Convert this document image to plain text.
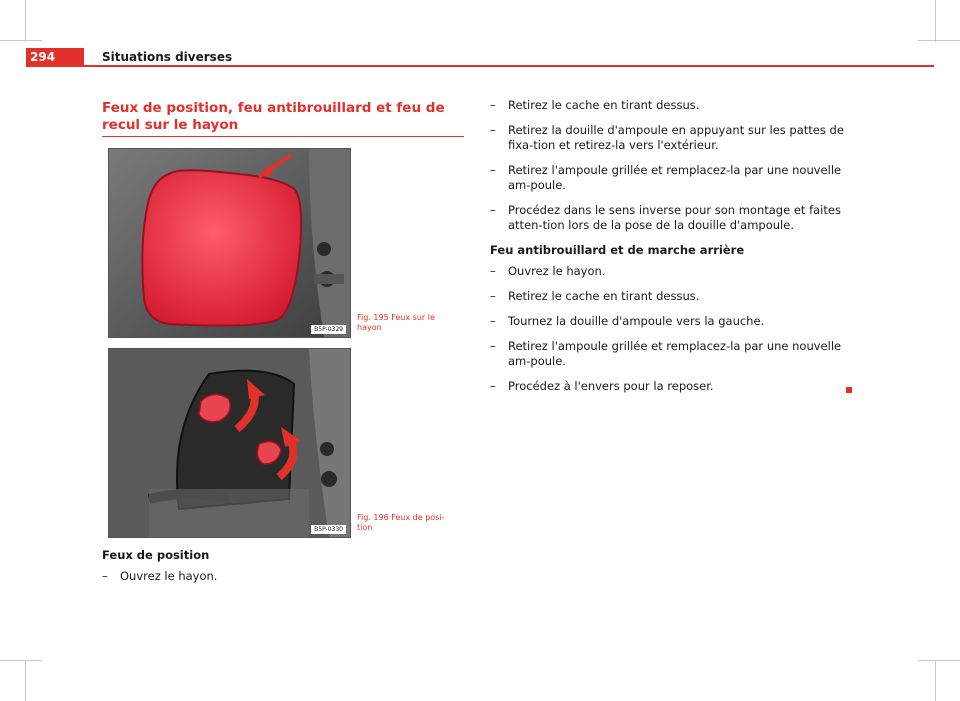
294	Situations diverses
Feux de position, feu antibrouillard et feu de recul sur le hayon
B5P-0329
Fig. 195 Feux sur le hayon
B5P-0330
Fig. 196 Feux de posi-tion
Feux de position
– Ouvrez le hayon.
– Retirez le cache en tirant dessus.
– Retirez la douille d'ampoule en appuyant sur les pattes de fixa-tion et retirez-la vers l'extérieur.
– Retirez l'ampoule grillée et remplacez-la par une nouvelle am-poule.
– Procédez dans le sens inverse pour son montage et faites atten-tion lors de la pose de la douille d'ampoule.
Feu antibrouillard et de marche arrière
– Ouvrez le hayon.
– Retirez le cache en tirant dessus.
– Tournez la douille d'ampoule vers la gauche.
– Retirez l'ampoule grillée et remplacez-la par une nouvelle am-poule.
– Procédez à l'envers pour la reposer.
